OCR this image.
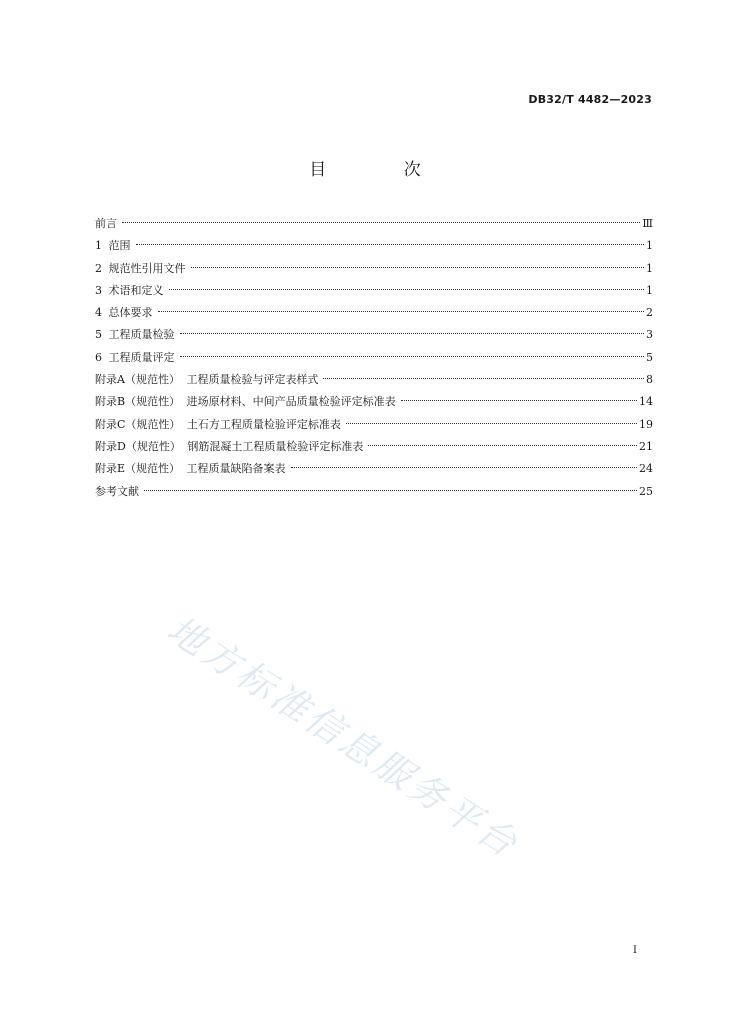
DB32/T 4482—2023
目 次
前言	Ⅲ
1 范围	1
2 规范性引用文件	1
3 术语和定义	1
4 总体要求	2
5 工程质量检验	3
6 工程质量评定	5
附录A（规范性） 工程质量检验与评定表样式	8
附录B（规范性） 进场原材料、中间产品质量检验评定标准表	14
附录C（规范性） 土石方工程质量检验评定标准表	19
附录D（规范性） 钢筋混凝土工程质量检验评定标准表	21
附录E（规范性） 工程质量缺陷备案表	24
参考文献	25
地方标准信息服务平台
I
